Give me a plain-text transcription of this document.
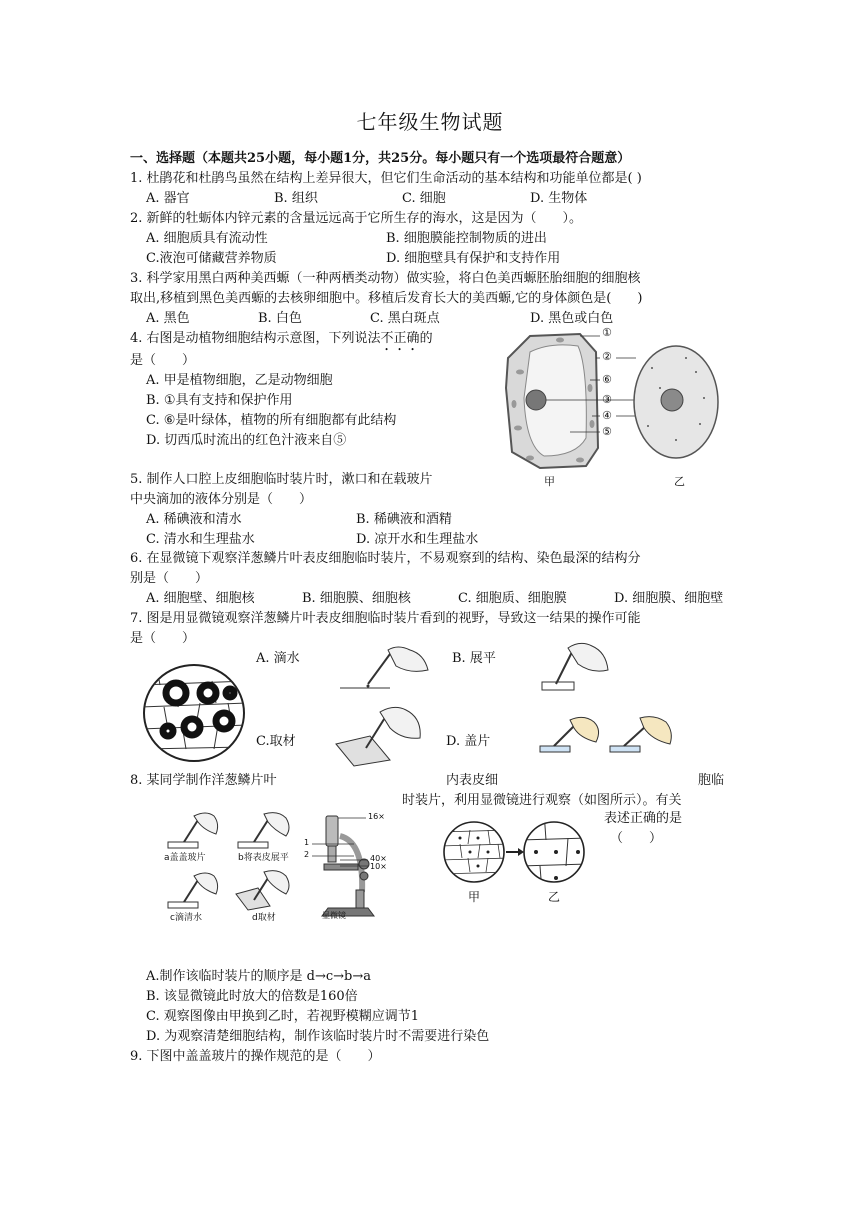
七年级生物试题
一、选择题（本题共25小题，每小题1分，共25分。每小题只有一个选项最符合题意）
1. 杜鹃花和杜鹃鸟虽然在结构上差异很大，但它们生命活动的基本结构和功能单位都是( )
A. 器官	B. 组织	C. 细胞	D. 生物体
2. 新鲜的牡蛎体内锌元素的含量远远高于它所生存的海水，这是因为（　　）。
A. 细胞质具有流动性	B. 细胞膜能控制物质的进出
C.液泡可储藏营养物质	D. 细胞壁具有保护和支持作用
3. 科学家用黑白两种美西螈（一种两栖类动物）做实验，将白色美西螈胚胎细胞的细胞核
取出,移植到黑色美西螈的去核卵细胞中。移植后发育长大的美西螈,它的身体颜色是(　　)
A. 黑色	B. 白色	C. 黑白斑点	D. 黑色或白色
4. 右图是动植物细胞结构示意图，下列说法不正确的
是（　　）
A. 甲是植物细胞，乙是动物细胞
B. ①具有支持和保护作用
C. ⑥是叶绿体，植物的所有细胞都有此结构
D. 切西瓜时流出的红色汁液来自⑤
①
②
⑥
③
④
⑤
甲	乙
5. 制作人口腔上皮细胞临时装片时，漱口和在载玻片
中央滴加的液体分别是（　　）
A. 稀碘液和清水	B. 稀碘液和酒精
C. 清水和生理盐水	D. 凉开水和生理盐水
6. 在显微镜下观察洋葱鳞片叶表皮细胞临时装片，不易观察到的结构、染色最深的结构分
别是（　　）
A. 细胞壁、细胞核	B. 细胞膜、细胞核	C. 细胞质、细胞膜	D. 细胞膜、细胞壁
7. 图是用显微镜观察洋葱鳞片叶表皮细胞临时装片看到的视野，导致这一结果的操作可能
是（　　）
A. 滴水	B. 展平
C.取材	D. 盖片
8. 某同学制作洋葱鳞片叶	内表皮细	胞临
时装片，利用显微镜进行观察（如图所示）。有关
表述正确的是
（　　）
a盖盖玻片	b将表皮展平
c滴清水	d取材
16×
1
2	40×
10×
显微镜
甲	乙
A.制作该临时装片的顺序是 d→c→b→a
B. 该显微镜此时放大的倍数是160倍
C. 观察图像由甲换到乙时，若视野模糊应调节1
D. 为观察清楚细胞结构，制作该临时装片时不需要进行染色
9. 下图中盖盖玻片的操作规范的是（　　）
